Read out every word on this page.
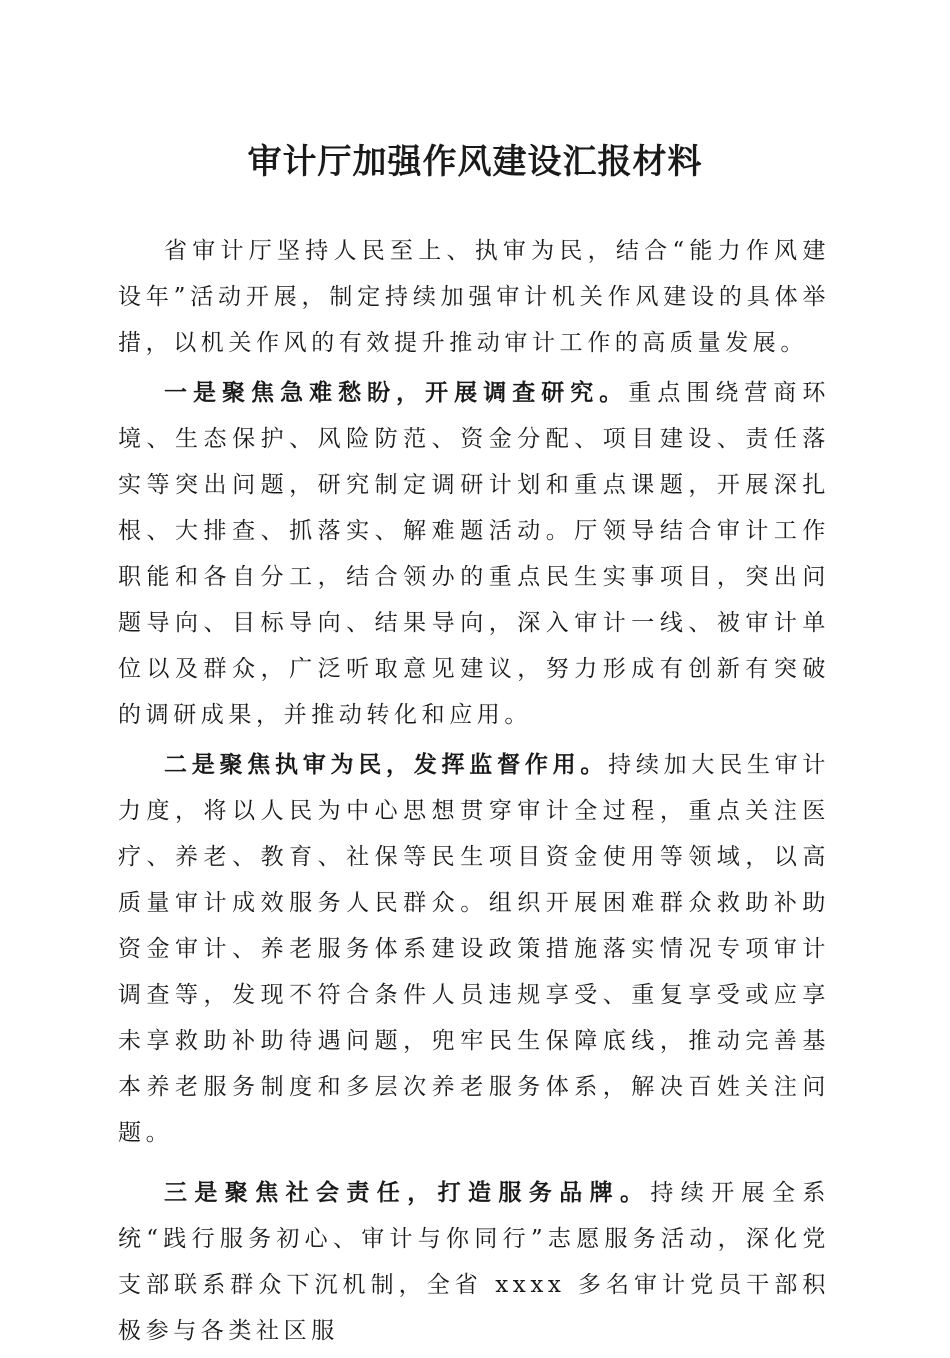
审计厅加强作风建设汇报材料

省审计厅坚持人民至上、执审为民，结合“能力作风建设年”活动开展，制定持续加强审计机关作风建设的具体举措，以机关作风的有效提升推动审计工作的高质量发展。

一是聚焦急难愁盼，开展调查研究。重点围绕营商环境、生态保护、风险防范、资金分配、项目建设、责任落实等突出问题，研究制定调研计划和重点课题，开展深扎根、大排查、抓落实、解难题活动。厅领导结合审计工作职能和各自分工，结合领办的重点民生实事项目，突出问题导向、目标导向、结果导向，深入审计一线、被审计单位以及群众，广泛听取意见建议，努力形成有创新有突破的调研成果，并推动转化和应用。

二是聚焦执审为民，发挥监督作用。持续加大民生审计力度，将以人民为中心思想贯穿审计全过程，重点关注医疗、养老、教育、社保等民生项目资金使用等领域，以高质量审计成效服务人民群众。组织开展困难群众救助补助资金审计、养老服务体系建设政策措施落实情况专项审计调查等，发现不符合条件人员违规享受、重复享受或应享未享救助补助待遇问题，兜牢民生保障底线，推动完善基本养老服务制度和多层次养老服务体系，解决百姓关注问题。

三是聚焦社会责任，打造服务品牌。持续开展全系统“践行服务初心、审计与你同行”志愿服务活动，深化党支部联系群众下沉机制，全省 xxxx 多名审计党员干部积极参与各类社区服
